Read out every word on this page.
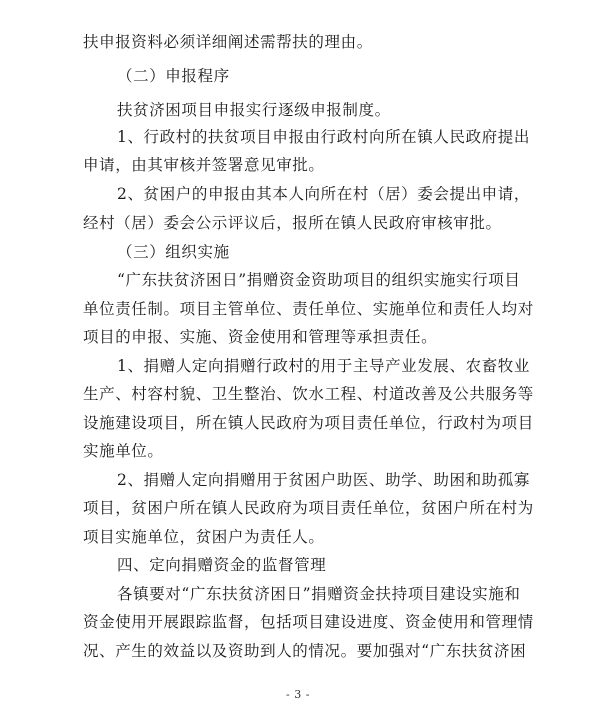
扶申报资料必须详细阐述需帮扶的理由。
（二）申报程序
扶贫济困项目申报实行逐级申报制度。
1、行政村的扶贫项目申报由行政村向所在镇人民政府提出
申请，由其审核并签署意见审批。
2、贫困户的申报由其本人向所在村（居）委会提出申请，
经村（居）委会公示评议后，报所在镇人民政府审核审批。
（三）组织实施
“广东扶贫济困日”捐赠资金资助项目的组织实施实行项目
单位责任制。项目主管单位、责任单位、实施单位和责任人均对
项目的申报、实施、资金使用和管理等承担责任。
1、捐赠人定向捐赠行政村的用于主导产业发展、农畜牧业
生产、村容村貌、卫生整治、饮水工程、村道改善及公共服务等
设施建设项目，所在镇人民政府为项目责任单位，行政村为项目
实施单位。
2、捐赠人定向捐赠用于贫困户助医、助学、助困和助孤寡
项目，贫困户所在镇人民政府为项目责任单位，贫困户所在村为
项目实施单位，贫困户为责任人。
四、定向捐赠资金的监督管理
各镇要对“广东扶贫济困日”捐赠资金扶持项目建设实施和
资金使用开展跟踪监督，包括项目建设进度、资金使用和管理情
况、产生的效益以及资助到人的情况。要加强对“广东扶贫济困
- 3 -
